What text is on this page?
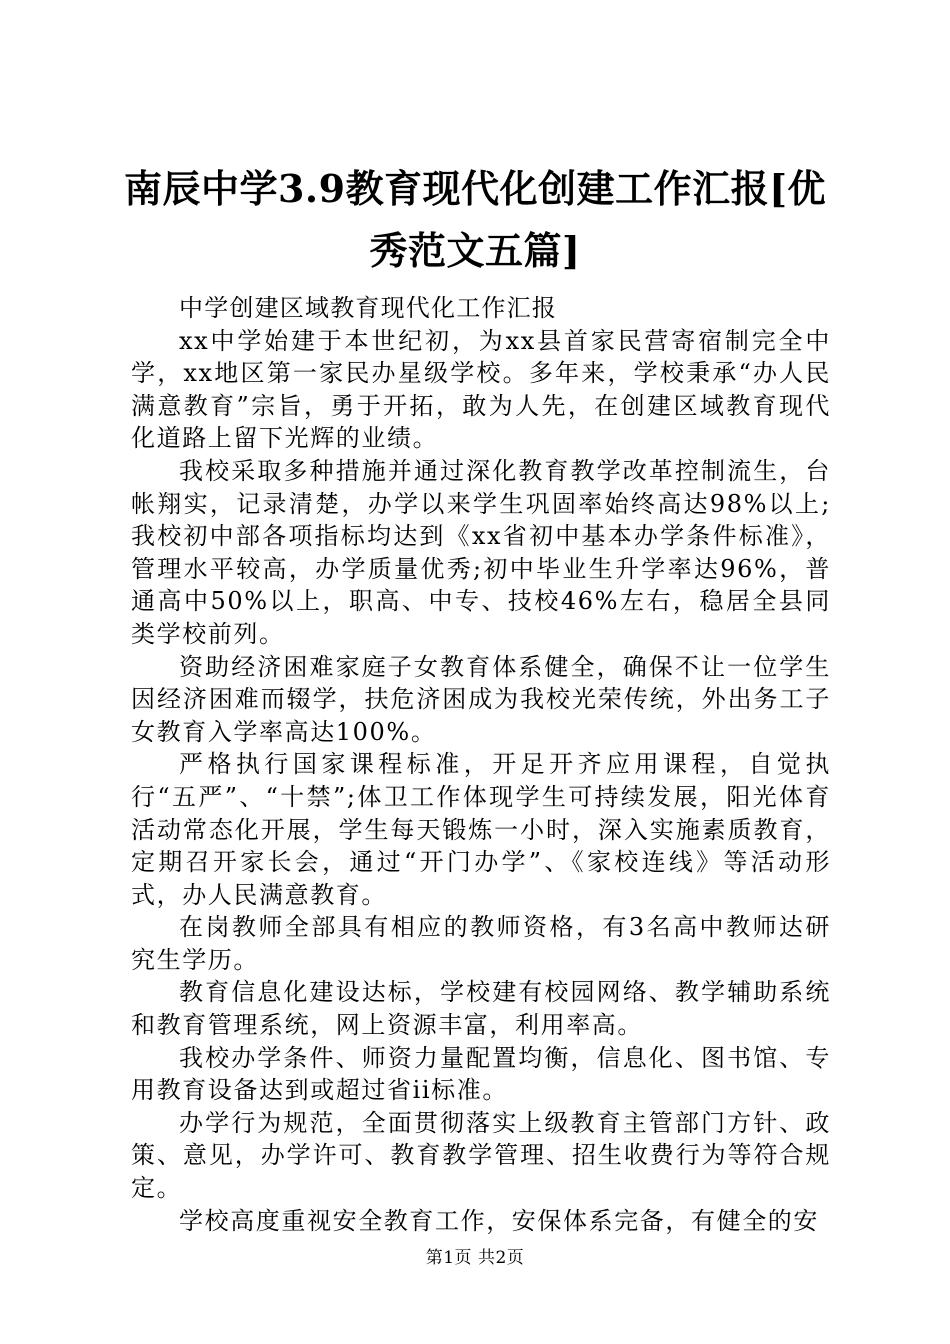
南辰中学3.9教育现代化创建工作汇报[优秀范文五篇]

中学创建区域教育现代化工作汇报

xx中学始建于本世纪初，为xx县首家民营寄宿制完全中学，xx地区第一家民办星级学校。多年来，学校秉承“办人民满意教育”宗旨，勇于开拓，敢为人先，在创建区域教育现代化道路上留下光辉的业绩。

我校采取多种措施并通过深化教育教学改革控制流生，台帐翔实，记录清楚，办学以来学生巩固率始终高达98%以上;我校初中部各项指标均达到《xx省初中基本办学条件标准》，管理水平较高，办学质量优秀;初中毕业生升学率达96%，普通高中50%以上，职高、中专、技校46%左右，稳居全县同类学校前列。

资助经济困难家庭子女教育体系健全，确保不让一位学生因经济困难而辍学，扶危济困成为我校光荣传统，外出务工子女教育入学率高达100%。

严格执行国家课程标准，开足开齐应用课程，自觉执行“五严”、“十禁”;体卫工作体现学生可持续发展，阳光体育活动常态化开展，学生每天锻炼一小时，深入实施素质教育，定期召开家长会，通过“开门办学”、《家校连线》等活动形式，办人民满意教育。

在岗教师全部具有相应的教师资格，有3名高中教师达研究生学历。

教育信息化建设达标，学校建有校园网络、教学辅助系统和教育管理系统，网上资源丰富，利用率高。

我校办学条件、师资力量配置均衡，信息化、图书馆、专用教育设备达到或超过省ii标准。

办学行为规范，全面贯彻落实上级教育主管部门方针、政策、意见，办学许可、教育教学管理、招生收费行为等符合规定。

学校高度重视安全教育工作，安保体系完备，有健全的安

第1页 共2页
